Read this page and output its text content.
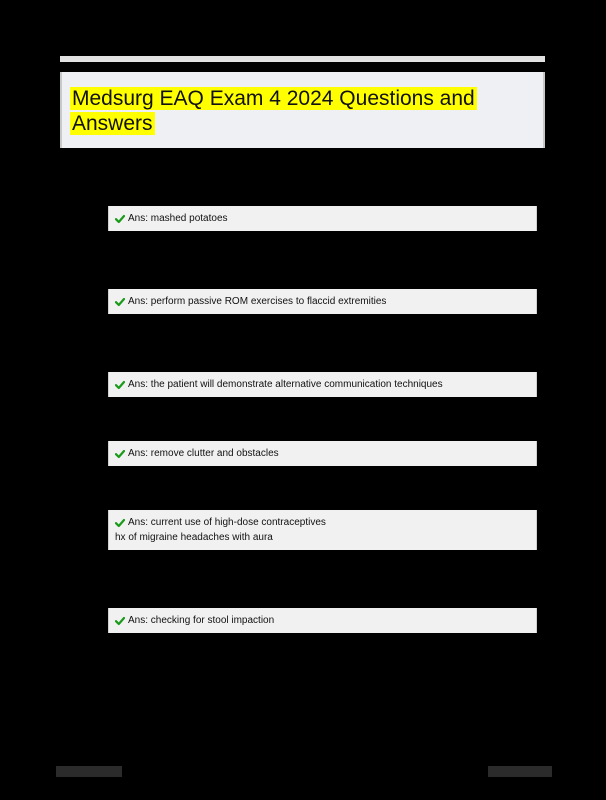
Medsurg EAQ Exam 4 2024 Questions and Answers
Ans: mashed potatoes
Ans: perform passive ROM exercises to flaccid extremities
Ans: the patient will demonstrate alternative communication techniques
Ans: remove clutter and obstacles
Ans: current use of high-dose contraceptives
hx of migraine headaches with aura
Ans: checking for stool impaction
